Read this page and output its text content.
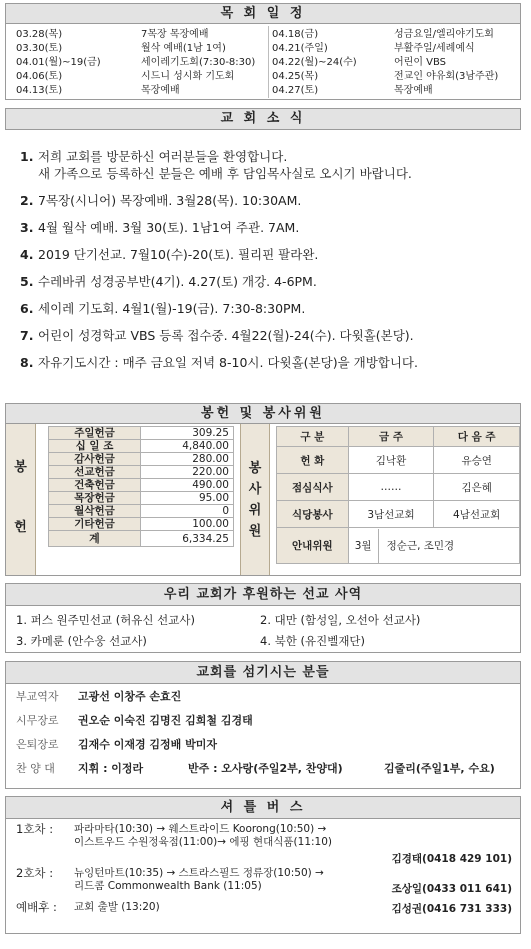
목 회 일 정
03.28(목)	7목장 목장예배
03.30(토)	월삭 예배(1남 1여)
04.01(월)~19(금)	세이레기도회(7:30-8:30)
04.06(토)	시드니 성시화 기도회
04.13(토)	목장예배
04.18(금)	성금요일/엘리야기도회
04.21(주일)	부활주일/세례예식
04.22(월)~24(수)	어린이 VBS
04.25(목)	전교인 야유회(3남주관)
04.27(토)	목장예배
교 회 소 식
1. 저희 교회를 방문하신 여러분들을 환영합니다.
새 가족으로 등록하신 분들은 예배 후 담임목사실로 오시기 바랍니다.
2. 7목장(시니어) 목장예배. 3월28(목). 10:30AM.
3. 4월 월삭 예배. 3월 30(토). 1남1여 주관. 7AM.
4. 2019 단기선교. 7월10(수)-20(토). 필리핀 팔라완.
5. 수레바퀴 성경공부반(4기). 4.27(토) 개강. 4-6PM.
6. 세이레 기도회. 4월1(월)-19(금). 7:30-8:30PM.
7. 어린이 성경학교 VBS 등록 접수중. 4월22(월)-24(수). 다윗홀(본당).
8. 자유기도시간 : 매주 금요일 저녁 8-10시. 다윗홀(본당)을 개방합니다.
봉헌 및 봉사위원
봉
헌
주일헌금	309.25
십 일 조	4,840.00
감사헌금	280.00
선교헌금	220.00
건축헌금	490.00
목장헌금	95.00
월삭헌금	0
기타헌금	100.00
계	6,334.25
봉
사
위
원
구 분	금 주	다 음 주
헌 화	김낙환	유승연
점심식사	……	김은혜
식당봉사	3남선교회	4남선교회
안내위원	3월 정순근, 조민경	
우리 교회가 후원하는 선교 사역
1. 퍼스 원주민선교 (허유신 선교사)	2. 대만 (함성일, 오선아 선교사)
3. 카메룬 (안수웅 선교사)	4. 북한 (유진벨재단)
교회를 섬기시는 분들
부교역자	고광선 이창주 손효진
시무장로	권오순 이숙진 김명진 김희철 김경태
은퇴장로	김재수 이재경 김정배 박미자
찬 양 대	지휘 : 이정라	반주 : 오사랑(주일2부, 찬양대)	김줄리(주일1부, 수요)
셔 틀 버 스
1호차 : 파라마타(10:30) → 웨스트라이드 Koorong(10:50) →
이스트우드 수원정육점(11:00)→ 에핑 현대식품(11:10)
김경태(0418 429 101)
2호차 : 뉴잉턴마트(10:35) → 스트라스필드 정류장(10:50) →
리드콤 Commonwealth Bank (11:05)	조상일(0433 011 641)
예배후 : 교회 출발 (13:20)	김성권(0416 731 333)
